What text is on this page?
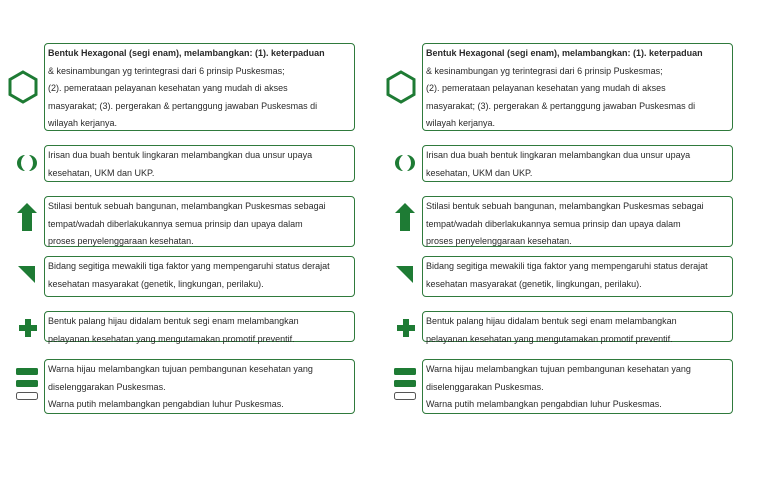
Bentuk Hexagonal (segi enam), melambangkan: (1). keterpaduan
& kesinambungan yg terintegrasi dari 6 prinsip Puskesmas;
(2). pemerataan pelayanan kesehatan yang mudah di akses
masyarakat; (3). pergerakan & pertanggung jawaban Puskesmas di
wilayah kerjanya.
Irisan dua buah bentuk lingkaran melambangkan dua unsur upaya
kesehatan, UKM dan UKP.
Stilasi bentuk sebuah bangunan, melambangkan Puskesmas sebagai
tempat/wadah diberlakukannya semua prinsip dan upaya dalam
proses penyelenggaraan kesehatan.
Bidang segitiga mewakili tiga faktor yang mempengaruhi status derajat
kesehatan masyarakat (genetik, lingkungan, perilaku).
Bentuk palang hijau didalam bentuk segi enam melambangkan
pelayanan kesehatan yang mengutamakan promotif preventif.
Warna hijau melambangkan tujuan pembangunan kesehatan yang
diselenggarakan Puskesmas.
Warna putih melambangkan pengabdian luhur Puskesmas.
Bentuk Hexagonal (segi enam), melambangkan: (1). keterpaduan
& kesinambungan yg terintegrasi dari 6 prinsip Puskesmas;
(2). pemerataan pelayanan kesehatan yang mudah di akses
masyarakat; (3). pergerakan & pertanggung jawaban Puskesmas di
wilayah kerjanya.
Irisan dua buah bentuk lingkaran melambangkan dua unsur upaya
kesehatan, UKM dan UKP.
Stilasi bentuk sebuah bangunan, melambangkan Puskesmas sebagai
tempat/wadah diberlakukannya semua prinsip dan upaya dalam
proses penyelenggaraan kesehatan.
Bidang segitiga mewakili tiga faktor yang mempengaruhi status derajat
kesehatan masyarakat (genetik, lingkungan, perilaku).
Bentuk palang hijau didalam bentuk segi enam melambangkan
pelayanan kesehatan yang mengutamakan promotif preventif.
Warna hijau melambangkan tujuan pembangunan kesehatan yang
diselenggarakan Puskesmas.
Warna putih melambangkan pengabdian luhur Puskesmas.
